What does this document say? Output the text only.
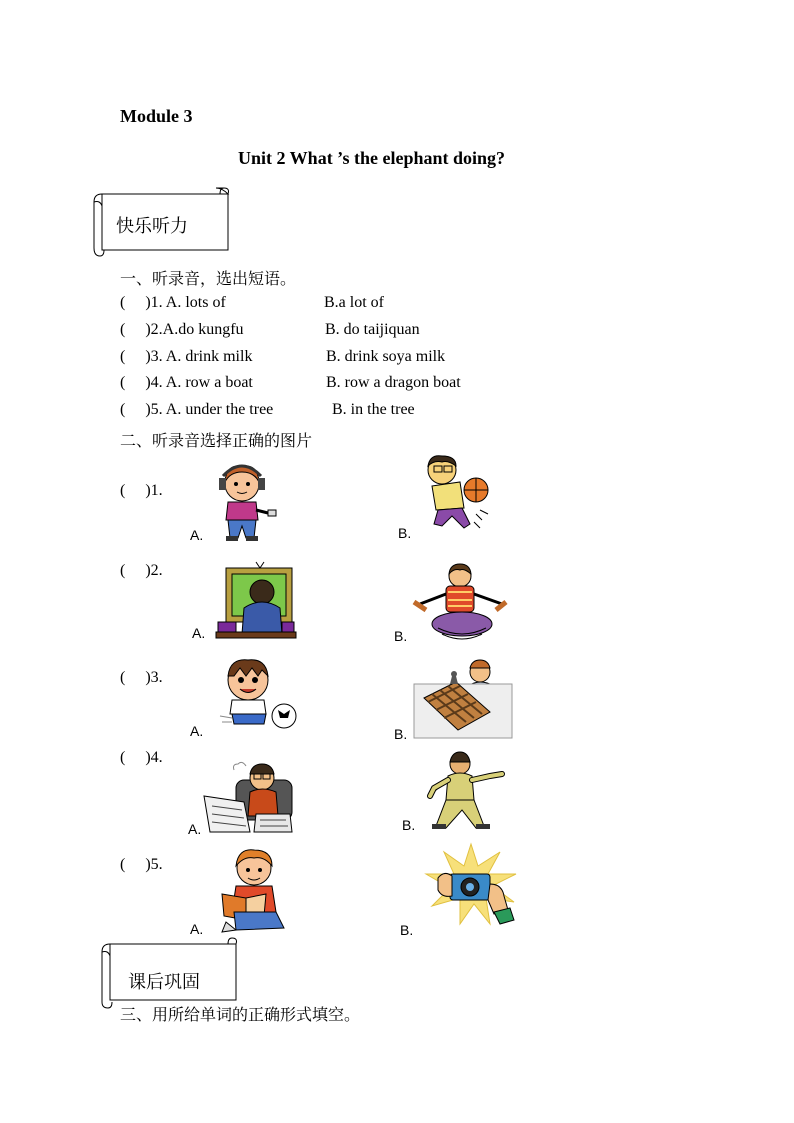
Module 3
Unit 2 What ’s the elephant doing?
快乐听力
一、听录音，选出短语。
(     )1. A. lots of	B.a lot of
(     )2.A.do kungfu	B. do taijiquan
(     )3. A. drink milk	B. drink soya milk
(     )4. A. row a boat	B. row a dragon boat
(     )5. A. under the tree	B. in the tree
二、听录音选择正确的图片
(     )1.
A.	B.
(     )2.
A.	B.
(     )3.
A.	B.
(     )4.
A.	B.
(     )5.
A.	B.
课后巩固
三、用所给单词的正确形式填空。
